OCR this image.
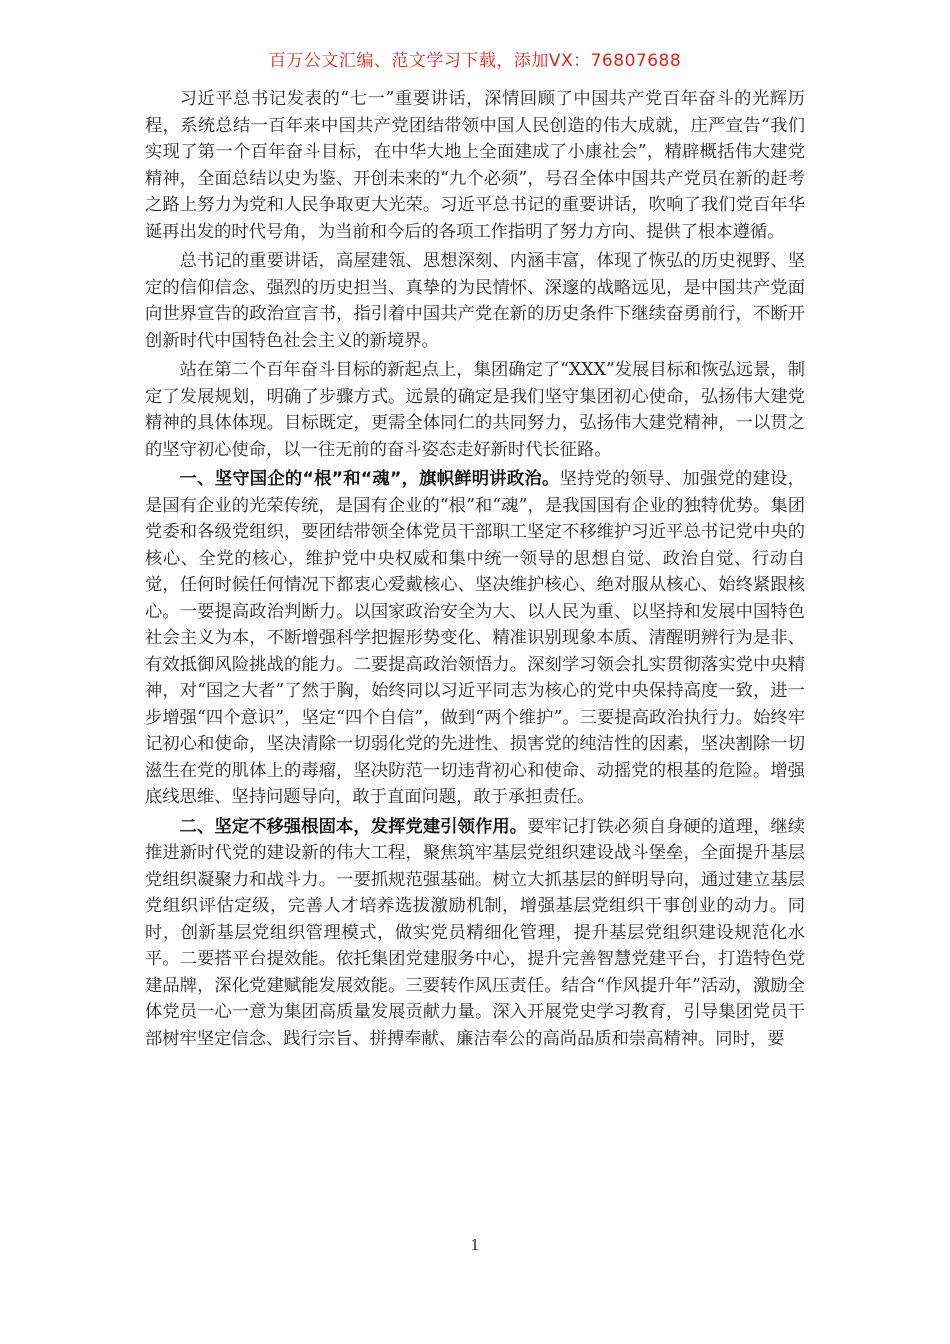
百万公文汇编、范文学习下载，添加VX：76807688

习近平总书记发表的“七一”重要讲话，深情回顾了中国共产党百年奋斗的光辉历程，系统总结一百年来中国共产党团结带领中国人民创造的伟大成就，庄严宣告“我们实现了第一个百年奋斗目标，在中华大地上全面建成了小康社会”，精辟概括伟大建党精神，全面总结以史为鉴、开创未来的“九个必须”，号召全体中国共产党员在新的赶考之路上努力为党和人民争取更大光荣。习近平总书记的重要讲话，吹响了我们党百年华诞再出发的时代号角，为当前和今后的各项工作指明了努力方向、提供了根本遵循。

总书记的重要讲话，高屋建瓴、思想深刻、内涵丰富，体现了恢弘的历史视野、坚定的信仰信念、强烈的历史担当、真挚的为民情怀、深邃的战略远见，是中国共产党面向世界宣告的政治宣言书，指引着中国共产党在新的历史条件下继续奋勇前行，不断开创新时代中国特色社会主义的新境界。

站在第二个百年奋斗目标的新起点上，集团确定了“XXX”发展目标和恢弘远景，制定了发展规划，明确了步骤方式。远景的确定是我们坚守集团初心使命，弘扬伟大建党精神的具体体现。目标既定，更需全体同仁的共同努力，弘扬伟大建党精神，一以贯之的坚守初心使命，以一往无前的奋斗姿态走好新时代长征路。

一、坚守国企的“根”和“魂”，旗帜鲜明讲政治。坚持党的领导、加强党的建设，是国有企业的光荣传统，是国有企业的“根”和“魂”，是我国国有企业的独特优势。集团党委和各级党组织，要团结带领全体党员干部职工坚定不移维护习近平总书记党中央的核心、全党的核心，维护党中央权威和集中统一领导的思想自觉、政治自觉、行动自觉，任何时候任何情况下都衷心爱戴核心、坚决维护核心、绝对服从核心、始终紧跟核心。一要提高政治判断力。以国家政治安全为大、以人民为重、以坚持和发展中国特色社会主义为本，不断增强科学把握形势变化、精准识别现象本质、清醒明辨行为是非、有效抵御风险挑战的能力。二要提高政治领悟力。深刻学习领会扎实贯彻落实党中央精神，对“国之大者”了然于胸，始终同以习近平同志为核心的党中央保持高度一致，进一步增强“四个意识”，坚定“四个自信”，做到“两个维护”。三要提高政治执行力。始终牢记初心和使命，坚决清除一切弱化党的先进性、损害党的纯洁性的因素，坚决割除一切滋生在党的肌体上的毒瘤，坚决防范一切违背初心和使命、动摇党的根基的危险。增强底线思维、坚持问题导向，敢于直面问题，敢于承担责任。

二、坚定不移强根固本，发挥党建引领作用。要牢记打铁必须自身硬的道理，继续推进新时代党的建设新的伟大工程，聚焦筑牢基层党组织建设战斗堡垒，全面提升基层党组织凝聚力和战斗力。一要抓规范强基础。树立大抓基层的鲜明导向，通过建立基层党组织评估定级，完善人才培养选拔激励机制，增强基层党组织干事创业的动力。同时，创新基层党组织管理模式，做实党员精细化管理，提升基层党组织建设规范化水平。二要搭平台提效能。依托集团党建服务中心，提升完善智慧党建平台，打造特色党建品牌，深化党建赋能发展效能。三要转作风压责任。结合“作风提升年”活动，激励全体党员一心一意为集团高质量发展贡献力量。深入开展党史学习教育，引导集团党员干部树牢坚定信念、践行宗旨、拼搏奉献、廉洁奉公的高尚品质和崇高精神。同时，要

1
